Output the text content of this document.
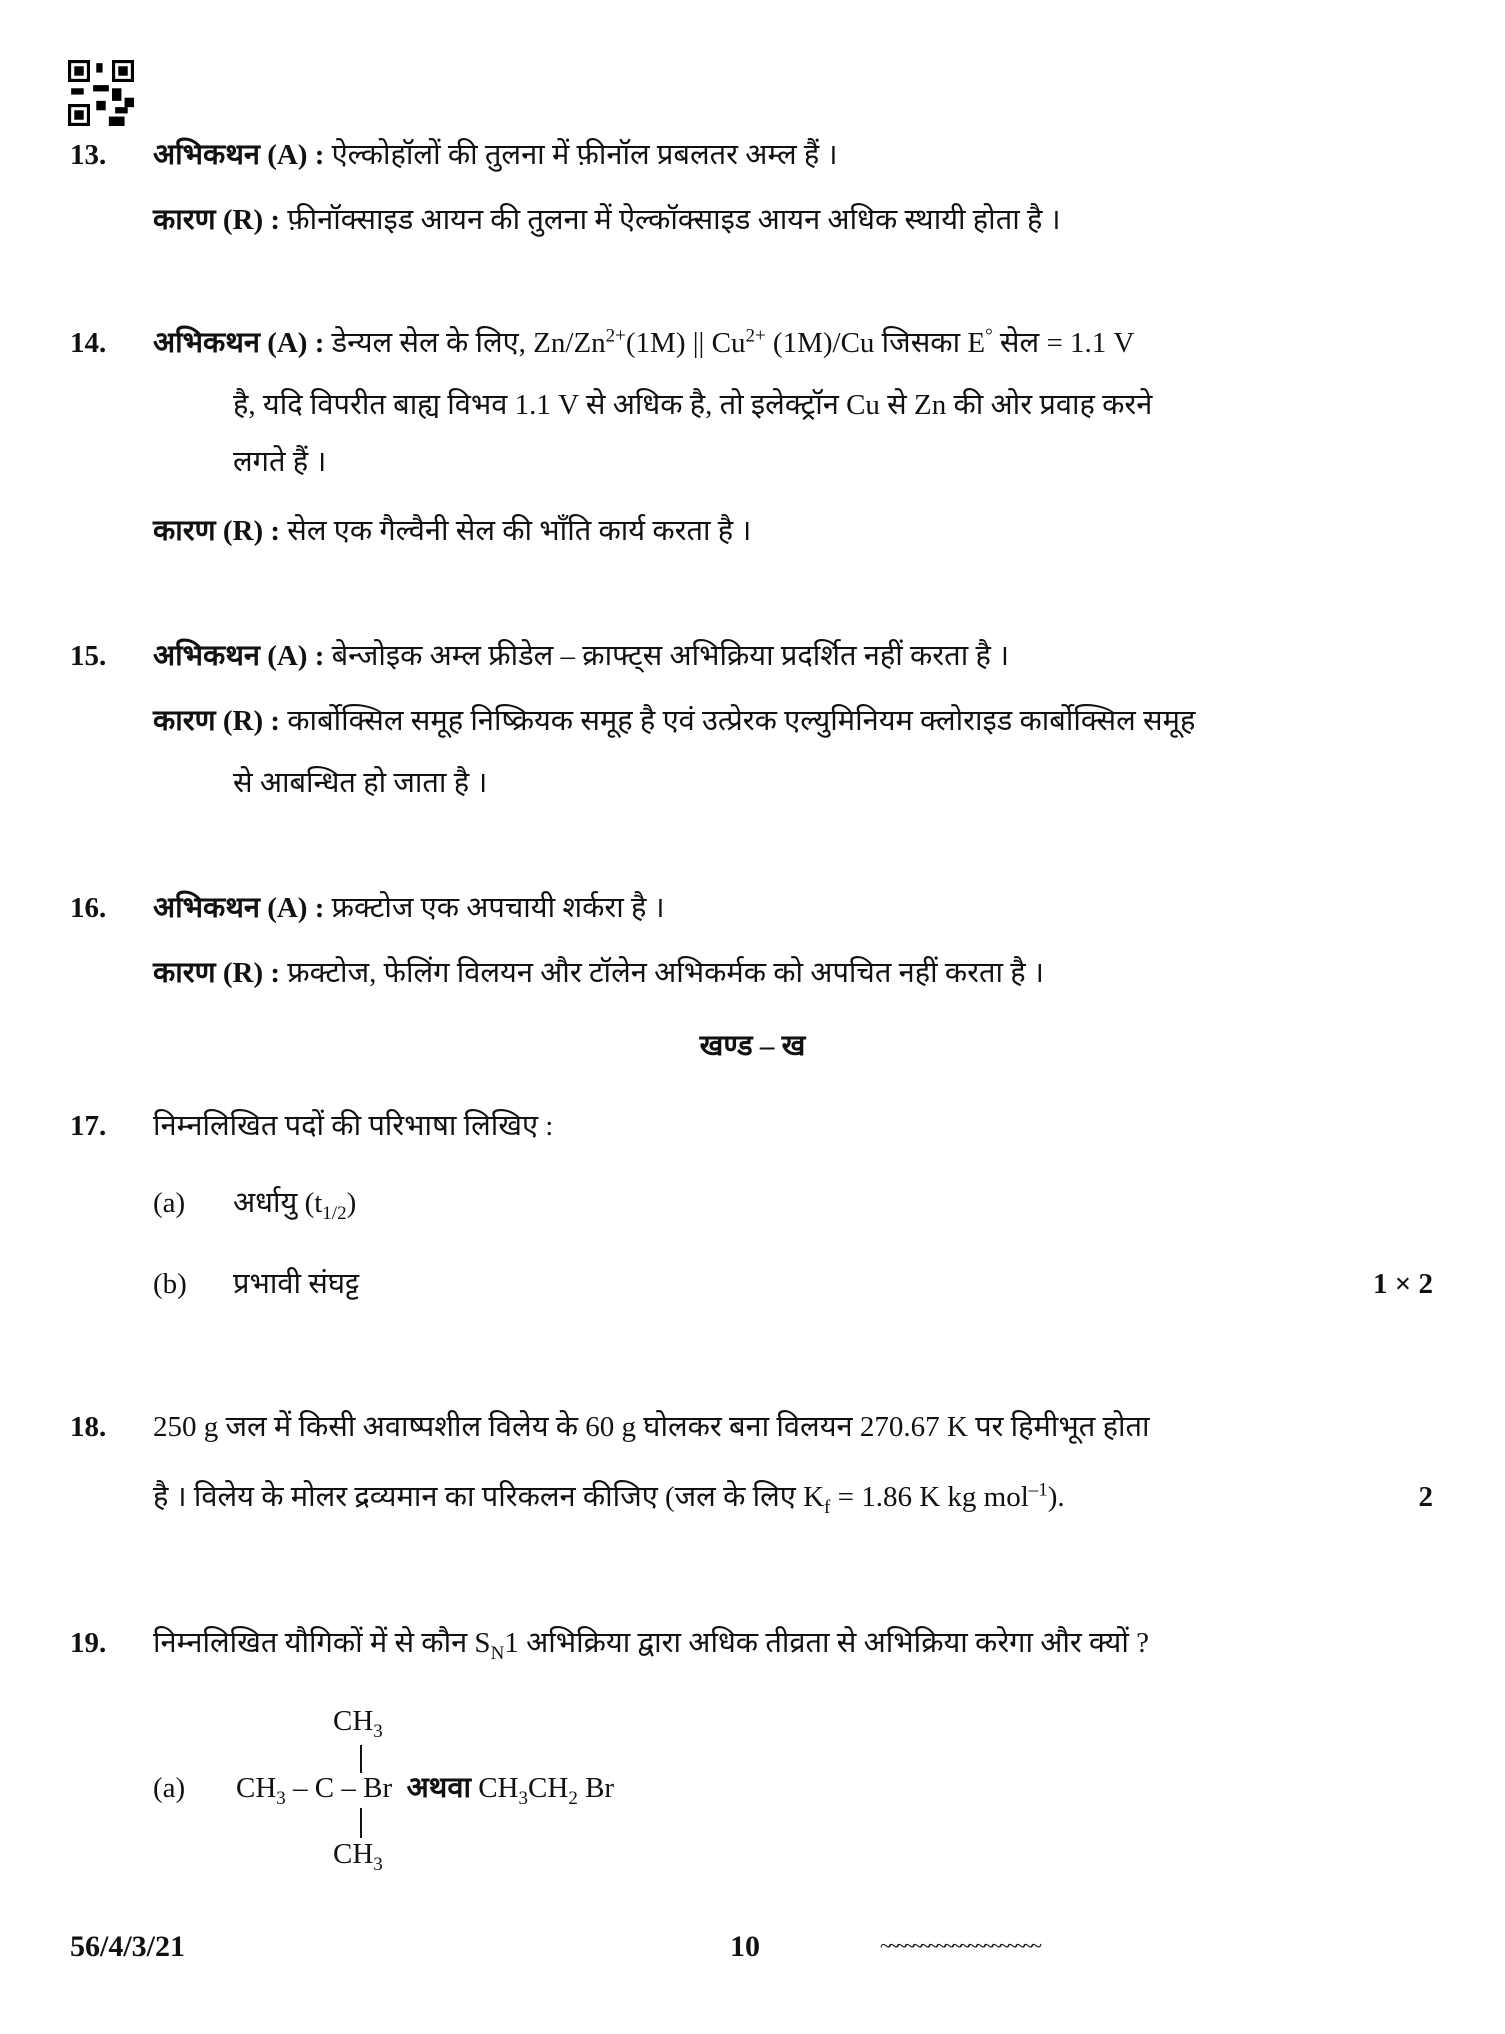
13. अभिकथन (A) : ऐल्कोहॉलों की तुलना में फ़ीनॉल प्रबलतर अम्ल हैं ।
कारण (R) : फ़ीनॉक्साइड आयन की तुलना में ऐल्कॉक्साइड आयन अधिक स्थायी होता है ।
14. अभिकथन (A) : डेन्यल सेल के लिए, $Zn/Zn^{2+}(1M)$ || $Cu^{2+}$ (1M)/Cu जिसका E° सेल = 1.1 V
है, यदि विपरीत बाह्य विभव 1.1 V से अधिक है, तो इलेक्ट्रॉन Cu से Zn की ओर प्रवाह करने
लगते हैं ।
कारण (R) : सेल एक गैल्वैनी सेल की भाँति कार्य करता है ।
15. अभिकथन (A) : बेन्जोइक अम्ल फ्रीडेल – क्राफ्ट्स अभिक्रिया प्रदर्शित नहीं करता है ।
कारण (R) : कार्बोक्सिल समूह निष्क्रियक समूह है एवं उत्प्रेरक एल्युमिनियम क्लोराइड कार्बोक्सिल समूह
से आबन्धित हो जाता है ।
16. अभिकथन (A) : फ्रक्टोज एक अपचायी शर्करा है ।
कारण (R) : फ्रक्टोज, फेलिंग विलयन और टॉलेन अभिकर्मक को अपचित नहीं करता है ।
खण्ड – ख
17. निम्नलिखित पदों की परिभाषा लिखिए :
(a) अर्धायु $(t_{1/2})$
(b) प्रभावी संघट्ट	1 × 2
18. 250 g जल में किसी अवाष्पशील विलेय के 60 g घोलकर बना विलयन 270.67 K पर हिमीभूत होता
है । विलेय के मोलर द्रव्यमान का परिकलन कीजिए (जल के लिए $K_f = 1.86$ K kg mol$^{-1}$).	2
19. निम्नलिखित यौगिकों में से कौन $S_N1$ अभिक्रिया द्वारा अधिक तीव्रता से अभिक्रिया करेगा और क्यों ?
$CH_3$
(a) $CH_3$ – C – Br अथवा $CH_3CH_2$ Br
$CH_3$
56/4/3/21	10	~~~~~~~~~~~~~~~~~~~~
